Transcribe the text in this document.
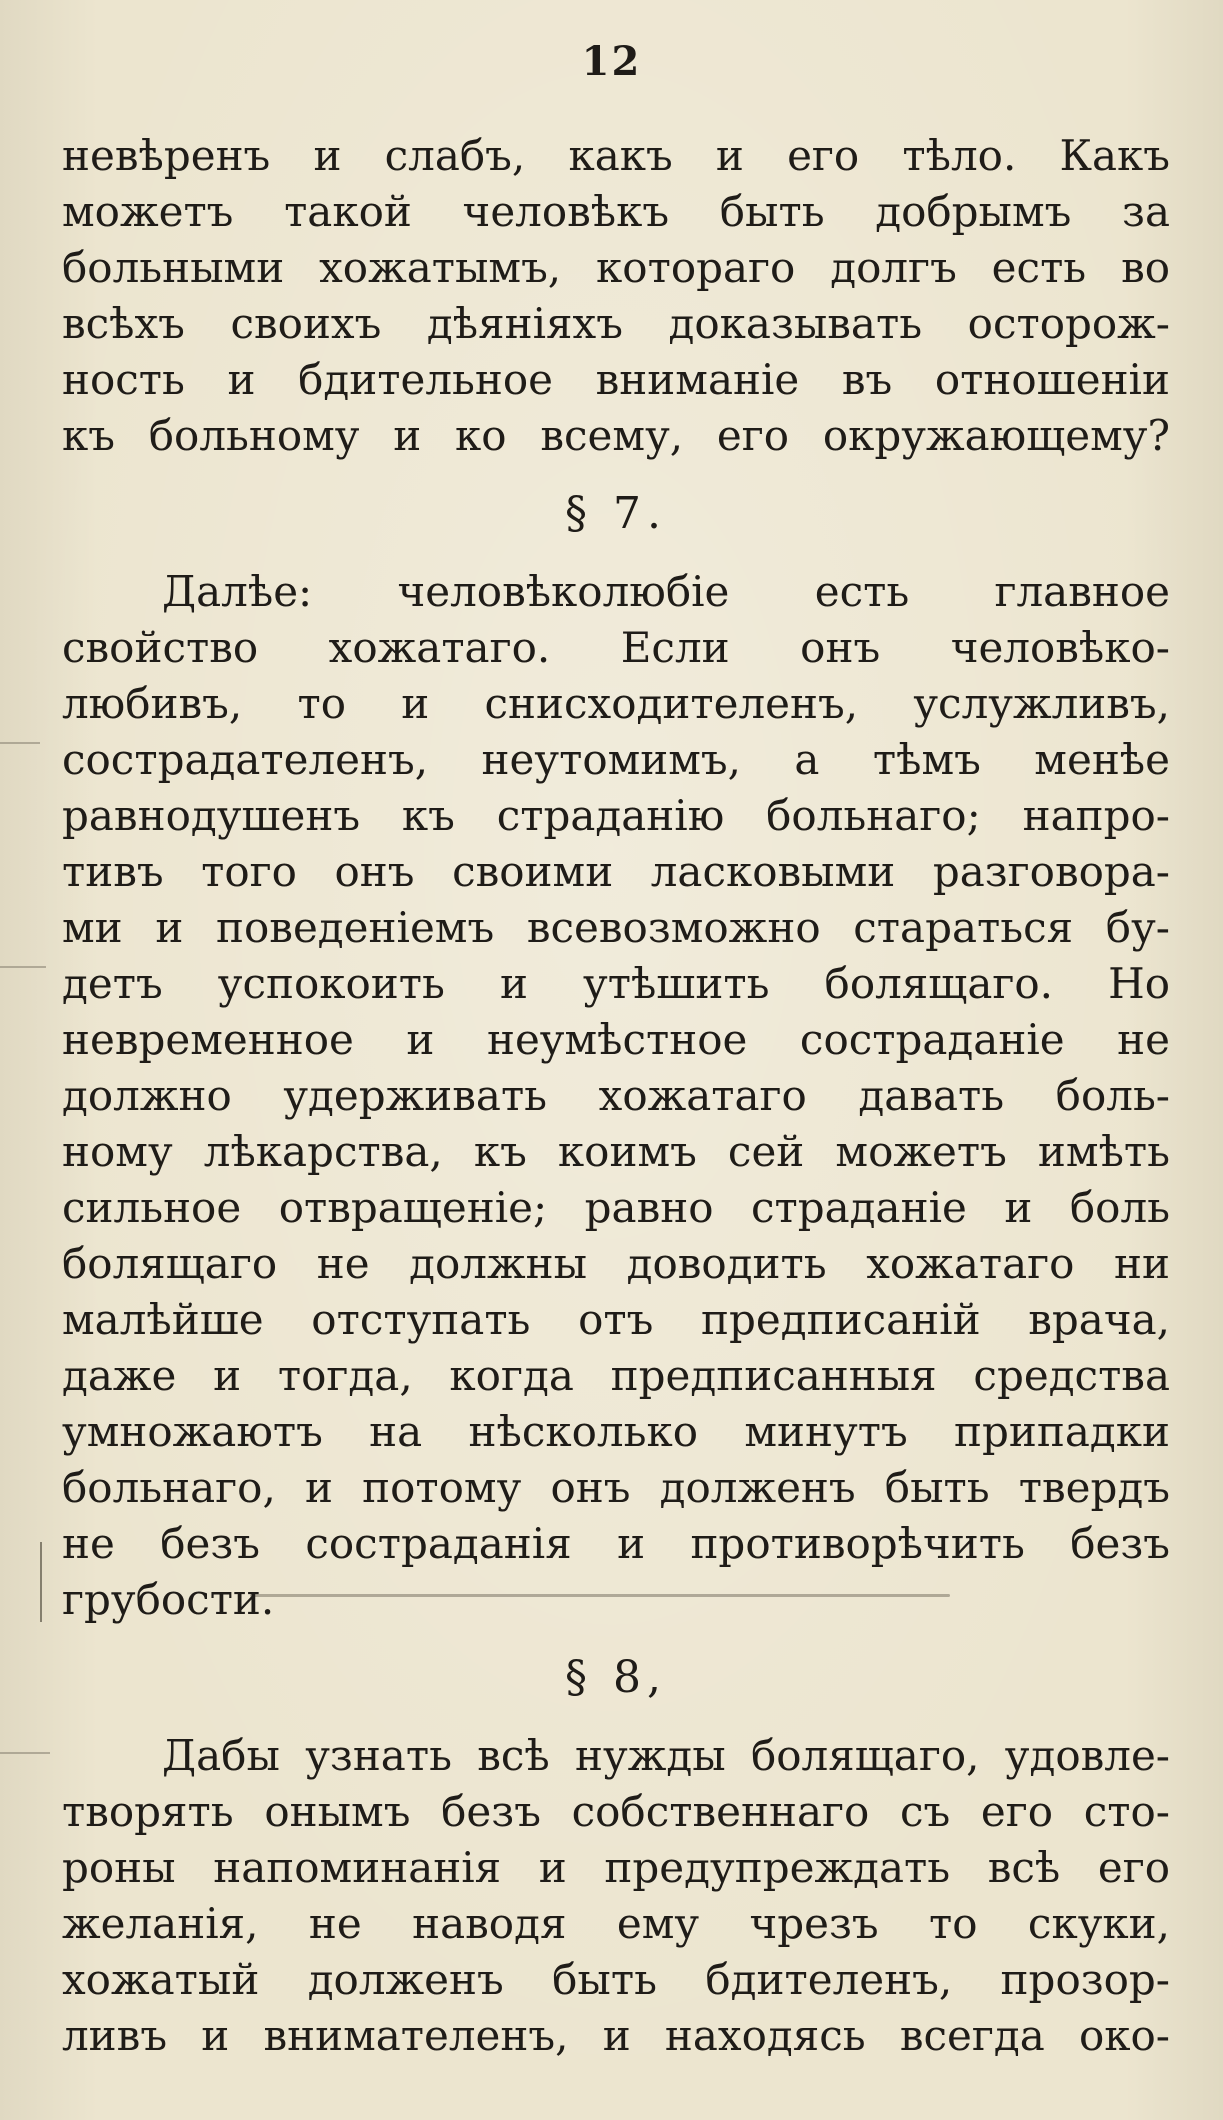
12
невѣренъ и слабъ, какъ и его тѣло. Какъ
можетъ такой человѣкъ быть добрымъ за
больными хожатымъ, котораго долгъ есть во
всѣхъ своихъ дѣяніяхъ доказывать осторож-
ность и бдительное вниманіе въ отношеніи
къ больному и ко всему, его окружающему?
§ 7.
Далѣе: человѣколюбіе есть главное
свойство хожатаго. Если онъ человѣко-
любивъ, то и снисходителенъ, услужливъ,
сострадателенъ, неутомимъ, а тѣмъ менѣе
равнодушенъ къ страданію больнаго; напро-
тивъ того онъ своими ласковыми разговора-
ми и поведеніемъ всевозможно стараться бу-
детъ успокоить и утѣшить болящаго. Но
невременное и неумѣстное состраданіе не
должно удерживать хожатаго давать боль-
ному лѣкарства, къ коимъ сей можетъ имѣть
сильное отвращеніе; равно страданіе и боль
болящаго не должны доводить хожатаго ни
малѣйше отступать отъ предписаній врача,
даже и тогда, когда предписанныя средства
умножаютъ на нѣсколько минутъ припадки
больнаго, и потому онъ долженъ быть твердъ
не безъ состраданія и противорѣчить безъ
грубости.
§ 8,
Дабы узнать всѣ нужды болящаго, удовле-
творять онымъ безъ собственнаго съ его сто-
роны напоминанія и предупреждать всѣ его
желанія, не наводя ему чрезъ то скуки,
хожатый долженъ быть бдителенъ, прозор-
ливъ и внимателенъ, и находясь всегда око-
